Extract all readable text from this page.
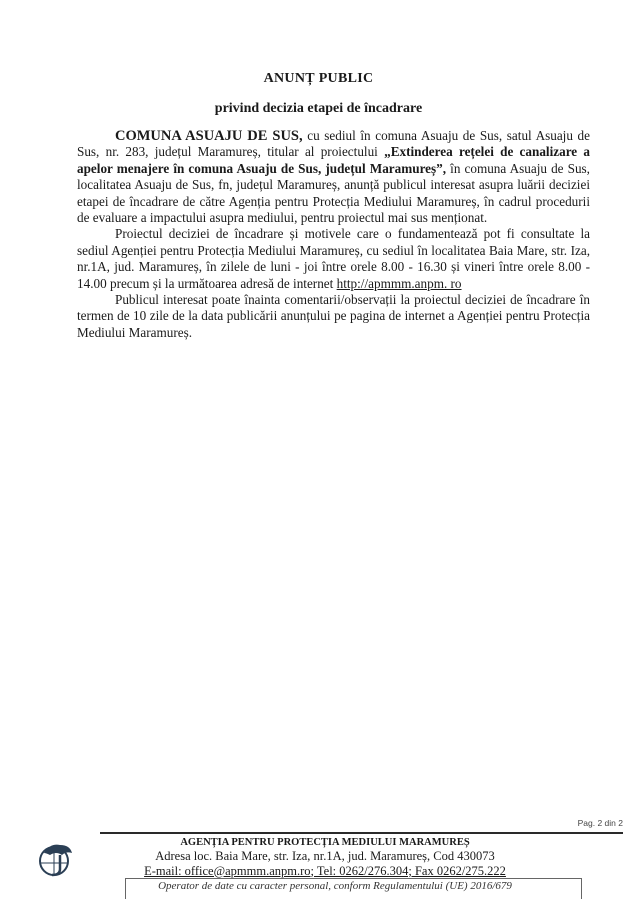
ANUNȚ PUBLIC
privind decizia etapei de încadrare

COMUNA ASUAJU DE SUS, cu sediul în comuna Asuaju de Sus, satul Asuaju de Sus, nr. 283, județul Maramureș, titular al proiectului „Extinderea rețelei de canalizare a apelor menajere în comuna Asuaju de Sus, județul Maramureș”, în comuna Asuaju de Sus, localitatea Asuaju de Sus, fn, județul Maramureș, anunță publicul interesat asupra luării deciziei etapei de încadrare de către Agenția pentru Protecția Mediului Maramureș, în cadrul procedurii de evaluare a impactului asupra mediului, pentru proiectul mai sus menționat.

Proiectul deciziei de încadrare și motivele care o fundamentează pot fi consultate la sediul Agenției pentru Protecția Mediului Maramureș, cu sediul în localitatea Baia Mare, str. Iza, nr.1A, jud. Maramureș, în zilele de luni - joi între orele 8.00 - 16.30 și vineri între orele 8.00 - 14.00 precum și la următoarea adresă de internet http://apmmm.anpm. ro

Publicul interesat poate înainta comentarii/observații la proiectul deciziei de încadrare în termen de 10 zile de la data publicării anunțului pe pagina de internet a Agenției pentru Protecția Mediului Maramureș.

Pag. 2 din 2
AGENȚIA PENTRU PROTECȚIA MEDIULUI MARAMUREȘ
Adresa loc. Baia Mare, str. Iza, nr.1A, jud. Maramureș, Cod 430073
E-mail: office@apmmm.anpm.ro; Tel: 0262/276.304; Fax 0262/275.222
Operator de date cu caracter personal, conform Regulamentului (UE) 2016/679
